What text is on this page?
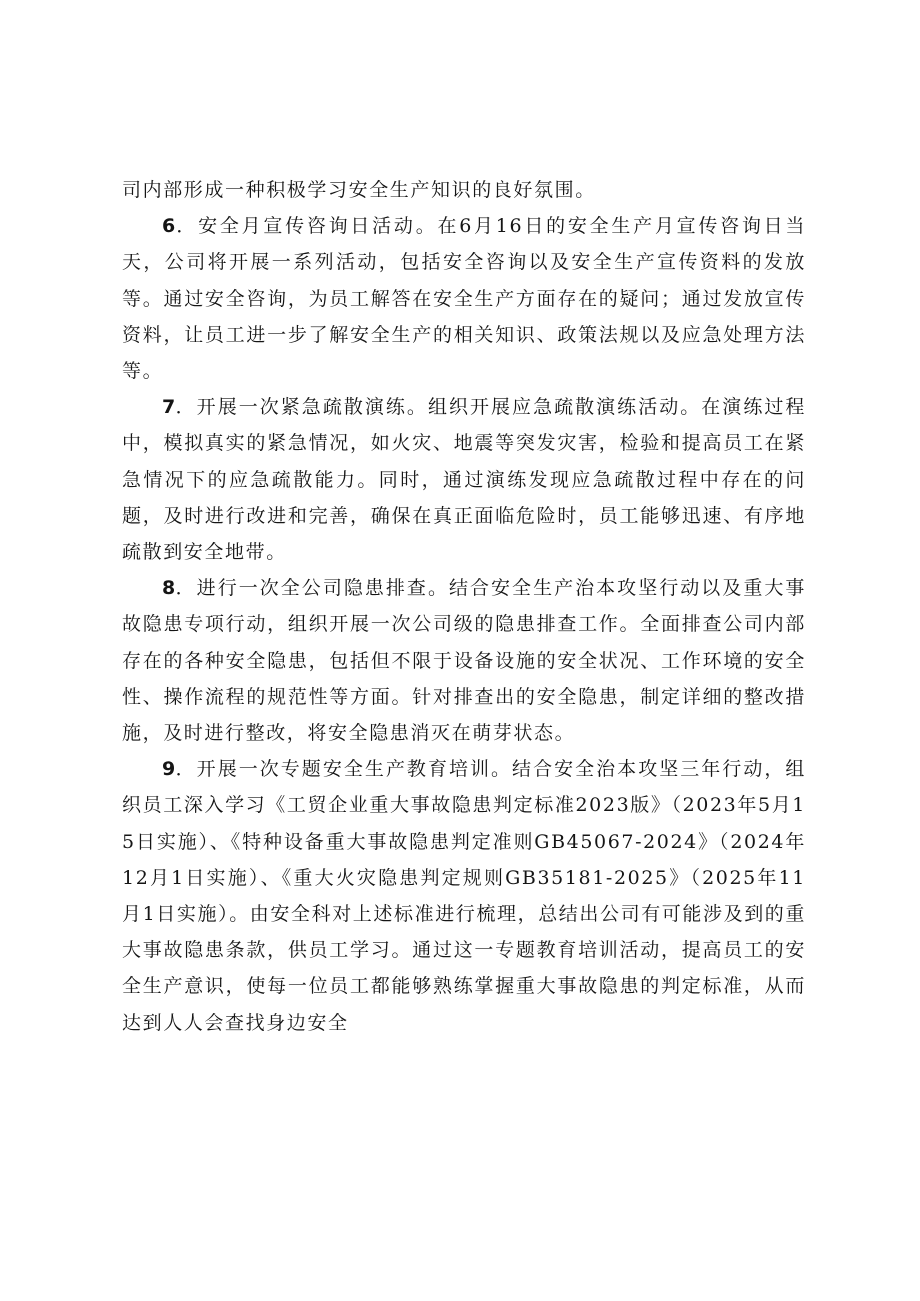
司内部形成一种积极学习安全生产知识的良好氛围。

6．安全月宣传咨询日活动。在6月16日的安全生产月宣传咨询日当天，公司将开展一系列活动，包括安全咨询以及安全生产宣传资料的发放等。通过安全咨询，为员工解答在安全生产方面存在的疑问；通过发放宣传资料，让员工进一步了解安全生产的相关知识、政策法规以及应急处理方法等。

7．开展一次紧急疏散演练。组织开展应急疏散演练活动。在演练过程中，模拟真实的紧急情况，如火灾、地震等突发灾害，检验和提高员工在紧急情况下的应急疏散能力。同时，通过演练发现应急疏散过程中存在的问题，及时进行改进和完善，确保在真正面临危险时，员工能够迅速、有序地疏散到安全地带。

8．进行一次全公司隐患排查。结合安全生产治本攻坚行动以及重大事故隐患专项行动，组织开展一次公司级的隐患排查工作。全面排查公司内部存在的各种安全隐患，包括但不限于设备设施的安全状况、工作环境的安全性、操作流程的规范性等方面。针对排查出的安全隐患，制定详细的整改措施，及时进行整改，将安全隐患消灭在萌芽状态。

9．开展一次专题安全生产教育培训。结合安全治本攻坚三年行动，组织员工深入学习《工贸企业重大事故隐患判定标准2023版》（2023年5月15日实施）、《特种设备重大事故隐患判定准则GB45067-2024》（2024年12月1日实施）、《重大火灾隐患判定规则GB35181-2025》（2025年11月1日实施）。由安全科对上述标准进行梳理，总结出公司有可能涉及到的重大事故隐患条款，供员工学习。通过这一专题教育培训活动，提高员工的安全生产意识，使每一位员工都能够熟练掌握重大事故隐患的判定标准，从而达到人人会查找身边安全
